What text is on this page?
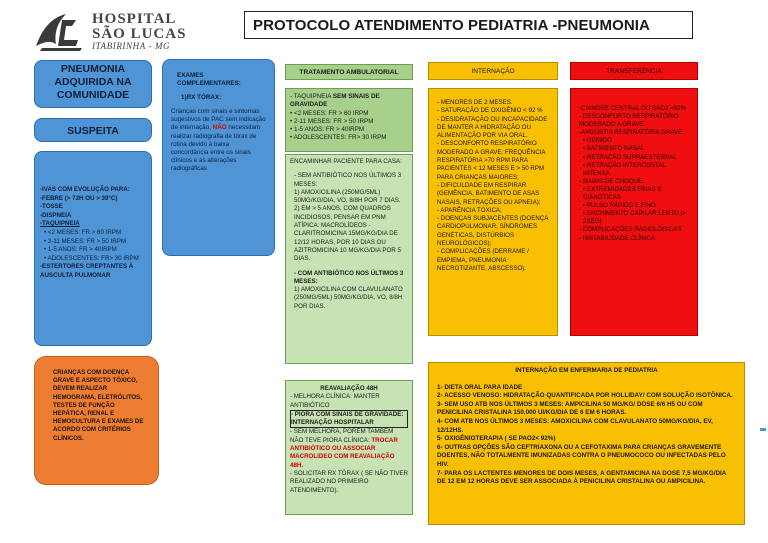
HOSPITAL
SÃO LUCAS
ITABIRINHA - MG
PROTOCOLO ATENDIMENTO PEDIATRIA -PNEUMONIA
PNEUMONIA ADQUIRIDA NA COMUNIDADE
SUSPEITA
-IVAS COM EVOLUÇÃO PARA:
-FEBRE (> 72H OU > 39°C)
-TOSSE
-DISPNEIA
-TAQUIPNEIA
• <2 MESES: FR > 60 IRPM
• 2-11 MESES: FR > 50 IRPM
• 1-5 ANOS: FR > 40IRPM
• ADOLESCENTES: FR> 30 IRPM
-ESTERTORES CREPTANTES À AUSCULTA PULMONAR
EXAMES COMPLEMENTARES:
1)RX TÓRAX:
Crianças com sinais e sintomas sugestivos de PAC sem indicação de internação, NÃO necessitam realizar radiografia de tórax de rotina devido à baixa concordância entre os sinais clínicos e as alterações radiográficas
CRIANÇAS COM DOENÇA GRAVE E ASPECTO TÓXICO, DEVEM REALIZAR HEMOGRAMA, ELETRÓLITOS, TESTES DE FUNÇÃO HEPÁTICA, RENAL E HEMOCULTURA E EXAMES DE ACORDO COM CRITÉRIOS CLÍNICOS.
TRATAMENTO AMBULATORIAL
- TAQUIPNEIA SEM SINAIS DE GRAVIDADE
• <2 MESES: FR > 60 IRPM
• 2-11 MESES: FR > 50 IRPM
• 1-5 ANOS: FR > 40IRPM
• ADOLESCENTES: FR> 30 IRPM
ENCAMINHAR PACIENTE PARA CASA:
- SEM ANTIBIÓTICO NOS ÚLTIMOS 3 MESES:
1) AMOXICILINA (250MG/5ML) 50MG/KG/DIA, VO, 8/8H POR 7 DIAS.
2) EM > 5 ANOS, COM QUADROS INCIDIOSOS, PENSAR EM PNM ATÍPICA: MACROLÍDEOS - CLARITROMICINA 15MG/KG/DIA DE 12/12 HORAS, POR 10 DIAS OU AZITROMICINA 10 MG/KG/DIA POR 5 DIAS.
- COM ANTIBIÓTICO NOS ÚLTIMOS 3 MESES:
1) AMOXICILINA COM CLAVULANATO (250MG/5ML) 50MG/KG/DIA, VO, 8/8H POR DIAS.
REAVALIAÇÃO 48H
- MELHORA CLÍNICA: MANTER ANTIBIÓTICO
- PIORA COM SINAIS DE GRAVIDADE: INTERNAÇÃO HOSPITALAR
- SEM MELHORA, PORÉM TAMBÉM NÃO TEVE PIORA CLÍNICA: TROCAR ANTIBIÓTICO OU ASSOCIAR MACROLIDEO COM REAVALIAÇÃO 48H.
- SOLICITAR RX TÓRAX ( SE NÃO TIVER REALIZADO NO PRIMEIRO ATENDIMENTO).
INTERNAÇÃO
- MENORES DE 2 MESES.
- SATURAÇÃO DE OXIGÊNIO < 92 %
- DESIDRATAÇÃO OU INCAPACIDADE DE MANTER A HIDRATAÇÃO OU ALIMENTAÇÃO POR VIA ORAL.
- DESCONFORTO RESPIRATÓRIO MODERADO A GRAVE: FREQUÊNCIA RESPIRATÓRIA >70 RPM PARA PACIENTES < 12 MESES E > 50 RPM PARA CRIANÇAS MAIORES;
- DIFICULDADE EM RESPIRAR (GEMÊNCIA, BATIMENTO DE ASAS NASAIS, RETRAÇÕES OU APNEIA);
- APARÊNCIA TÓXICA;
- DOENÇAS SUBJACENTES (DOENÇA CARDIOPULMONAR, SÍNDROMES GENÉTICAS, DISTÚRBIOS NEUROLÓGICOS);
- COMPLICAÇÕES (DERRAME / EMPIEMA, PNEUMONIA NECROTIZANTE, ABSCESSO).
TRANSFERÊNCIA
-CIANOSE CENTRAL OU SAO2 <92%
- DESCONFORTO RESPIRATÓRIO MODERADO A GRAVE.
-ANGÚSTIA RESPIRATÓRIA GRAVE:
• GEMIDO
• BATIMENTO NASAL
• RETRAÇÃO SUPRAESTERNAL
• RETRAÇÃO INTERCOSTAL INTENSA
- SINAIS DE CHOQUE:
• EXTREMIDADES FRIAS E CIANÓTICAS
• PULSO RÁPIDO E FINO
• ENCHIMENTO CAPILAR LENTO (> 2SEG)
- COMPLICAÇÕES RADIOLÓGICAS
- INSTABILIDADE CLÍNICA
INTERNAÇÃO EM ENFERMARIA DE PEDIATRIA
1- DIETA ORAL PARA IDADE
2- ACESSO VENOSO: HIDRATAÇÃO QUANTIFICADA POR HOLLIDAY/ COM SOLUÇÃO ISOTÔNICA.
3- SEM USO ATB NOS ÚLTIMOS 3 MESES: AMPICILINA 50 MG/KG/ DOSE 6/6 H5 OU COM PENICILINA CRISTALINA 150.000 UI/KG/DIA DE 6 EM 6 HORAS.
4- COM ATB NOS ÚLTIMOS 3 MESES: AMOXICILINA COM CLAVULANATO 50MG/KG/DIA, EV, 12/12HS.
5- OXIGÊNIOTERAPIA ( SE PAO2< 92%)
6- OUTRAS OPÇÕES SÃO CEFTRIAXONA OU A CEFOTAXIMA PARA CRIANÇAS GRAVEMENTE DOENTES, NÃO TOTALMENTE IMUNIZADAS CONTRA O PNEUMOCOCO OU INFECTADAS PELO HIV.
7- PARA OS LACTENTES MENORES DE DOIS MESES, A GENTAMICINA NA DOSE 7,5 MG/KG/DIA DE 12 EM 12 HORAS DEVE SER ASSOCIADA À PENICILINA CRISTALINA OU AMPICILINA.
